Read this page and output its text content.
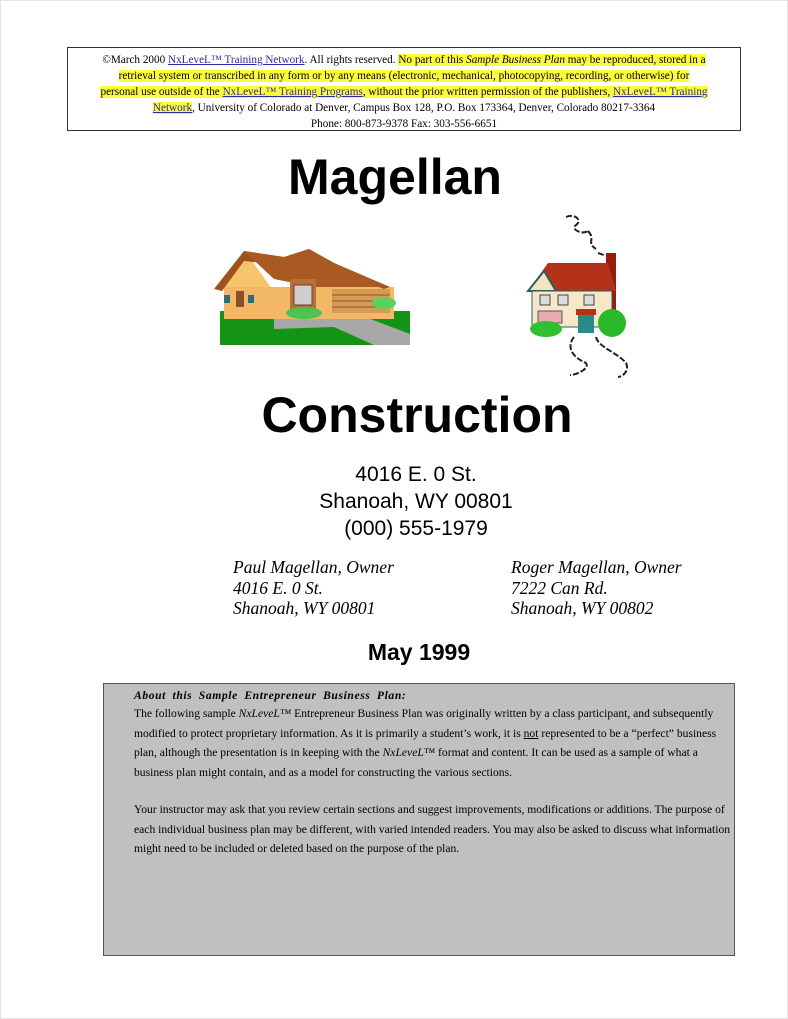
©March 2000 NxLeveL™ Training Network. All rights reserved. No part of this Sample Business Plan may be reproduced, stored in a
retrieval system or transcribed in any form or by any means (electronic, mechanical, photocopying, recording, or otherwise) for
personal use outside of the NxLeveL™ Training Programs, without the prior written permission of the publishers, NxLeveL™ Training
Network, University of Colorado at Denver, Campus Box 128, P.O. Box 173364, Denver, Colorado 80217-3364
Phone: 800-873-9378 Fax: 303-556-6651
Magellan
Construction
4016 E. 0 St.
Shanoah, WY 00801
(000) 555-1979
Paul Magellan, Owner
4016 E. 0 St.
Shanoah, WY 00801
Roger Magellan, Owner
7222 Can Rd.
Shanoah, WY 00802
May 1999

About this Sample Entrepreneur Business Plan:

The following sample NxLeveL™ Entrepreneur Business Plan was originally written by a class participant, and subsequently modified to protect proprietary information. As it is primarily a student’s work, it is not represented to be a “perfect” business plan, although the presentation is in keeping with the NxLeveL™ format and content. It can be used as a sample of what a business plan might contain, and as a model for constructing the various sections.

Your instructor may ask that you review certain sections and suggest improvements, modifications or additions. The purpose of each individual business plan may be different, with varied intended readers. You may also be asked to discuss what information might need to be included or deleted based on the purpose of the plan.
